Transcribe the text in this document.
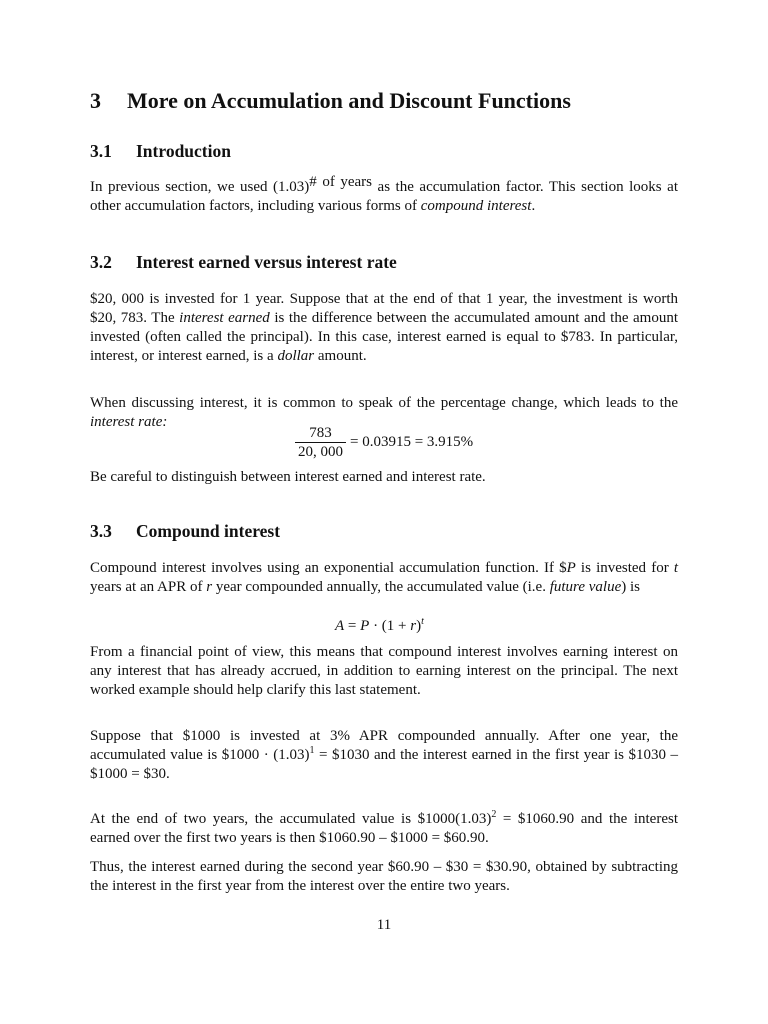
3 More on Accumulation and Discount Functions

3.1 Introduction

In previous section, we used $(1.03)^{\# of years}$ as the accumulation factor. This section looks at other accumulation factors, including various forms of compound interest.

3.2 Interest earned versus interest rate

$20, 000 is invested for 1 year. Suppose that at the end of that 1 year, the investment is worth $20, 783. The interest earned is the difference between the accumulated amount and the amount invested (often called the principal). In this case, interest earned is equal to $783. In particular, interest, or interest earned, is a dollar amount.

When discussing interest, it is common to speak of the percentage change, which leads to the interest rate:

$\frac{783}{20, 000} = 0.03915 = 3.915\%$

Be careful to distinguish between interest earned and interest rate.

3.3 Compound interest

Compound interest involves using an exponential accumulation function. If $P is invested for t years at an APR of r year compounded annually, the accumulated value (i.e. future value) is

$A = P \cdot (1 + r)^t$

From a financial point of view, this means that compound interest involves earning interest on any interest that has already accrued, in addition to earning interest on the principal. The next worked example should help clarify this last statement.

Suppose that $1000 is invested at 3% APR compounded annually. After one year, the accumulated value is $1000 · $(1.03)^1$ = $1030 and the interest earned in the first year is $1030 – $1000 = $30.

At the end of two years, the accumulated value is $\$1000(1.03)^2$ = $1060.90 and the interest earned over the first two years is then $1060.90 – $1000 = $60.90.

Thus, the interest earned during the second year $60.90 – $30 = $30.90, obtained by subtracting the interest in the first year from the interest over the entire two years.

11
